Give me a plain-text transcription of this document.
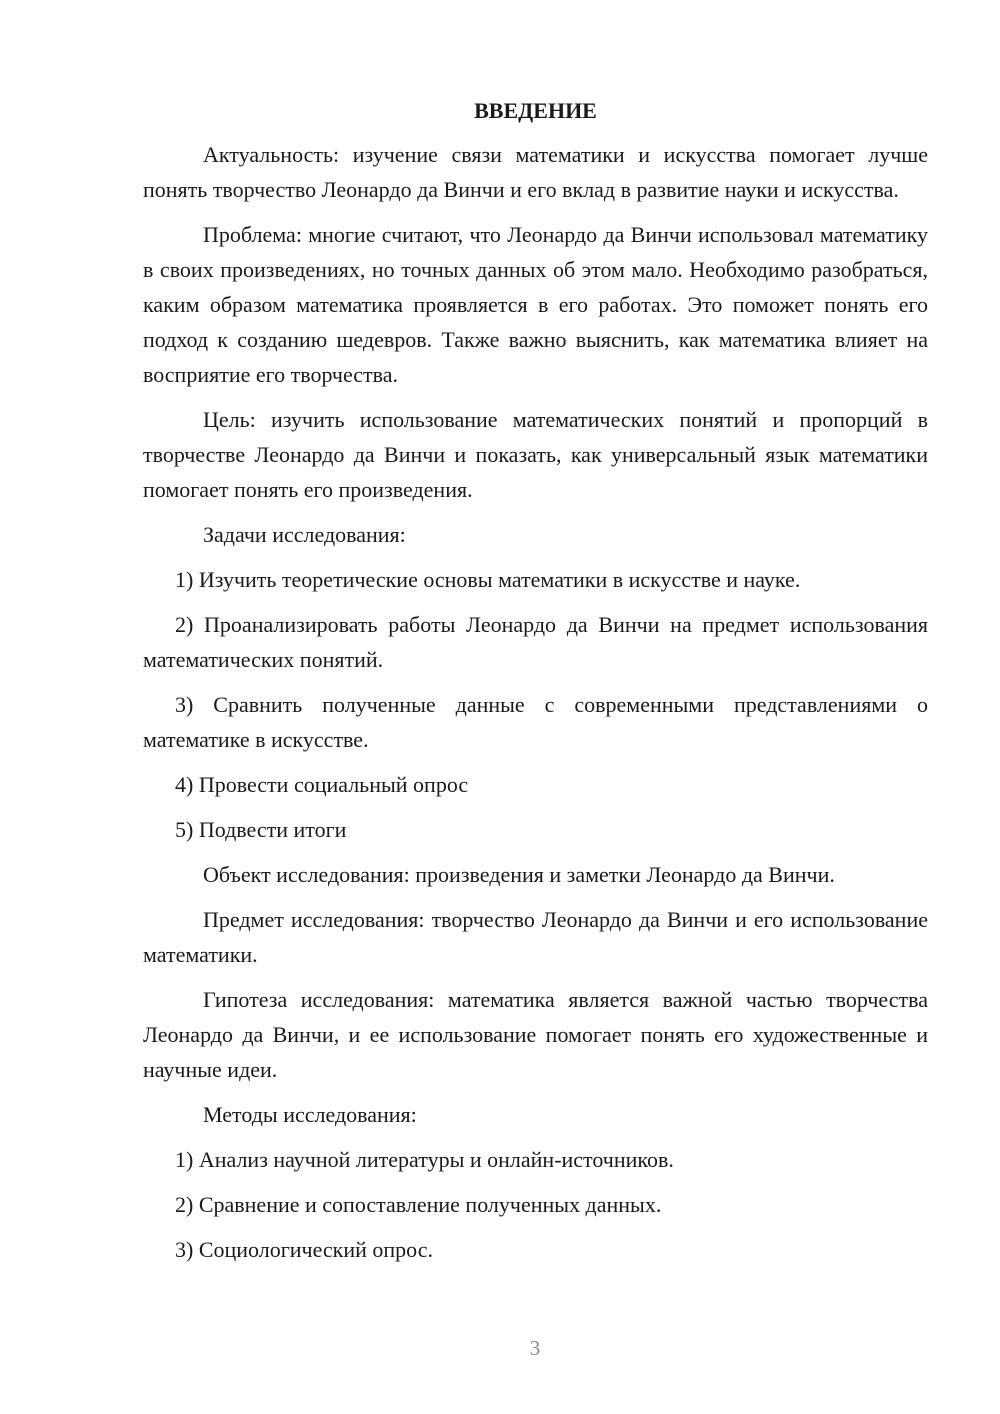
ВВЕДЕНИЕ

Актуальность: изучение связи математики и искусства помогает лучше понять творчество Леонардо да Винчи и его вклад в развитие науки и искусства.

Проблема: многие считают, что Леонардо да Винчи использовал математику в своих произведениях, но точных данных об этом мало. Необходимо разобраться, каким образом математика проявляется в его работах. Это поможет понять его подход к созданию шедевров. Также важно выяснить, как математика влияет на восприятие его творчества.

Цель: изучить использование математических понятий и пропорций в творчестве Леонардо да Винчи и показать, как универсальный язык математики помогает понять его произведения.

Задачи исследования:

1) Изучить теоретические основы математики в искусстве и науке.

2) Проанализировать работы Леонардо да Винчи на предмет использования математических понятий.

3) Сравнить полученные данные с современными представлениями о математике в искусстве.

4) Провести социальный опрос

5) Подвести итоги

Объект исследования: произведения и заметки Леонардо да Винчи.

Предмет исследования: творчество Леонардо да Винчи и его использование математики.

Гипотеза исследования: математика является важной частью творчества Леонардо да Винчи, и ее использование помогает понять его художественные и научные идеи.

Методы исследования:

1) Анализ научной литературы и онлайн-источников.

2) Сравнение и сопоставление полученных данных.

3) Социологический опрос.

3
